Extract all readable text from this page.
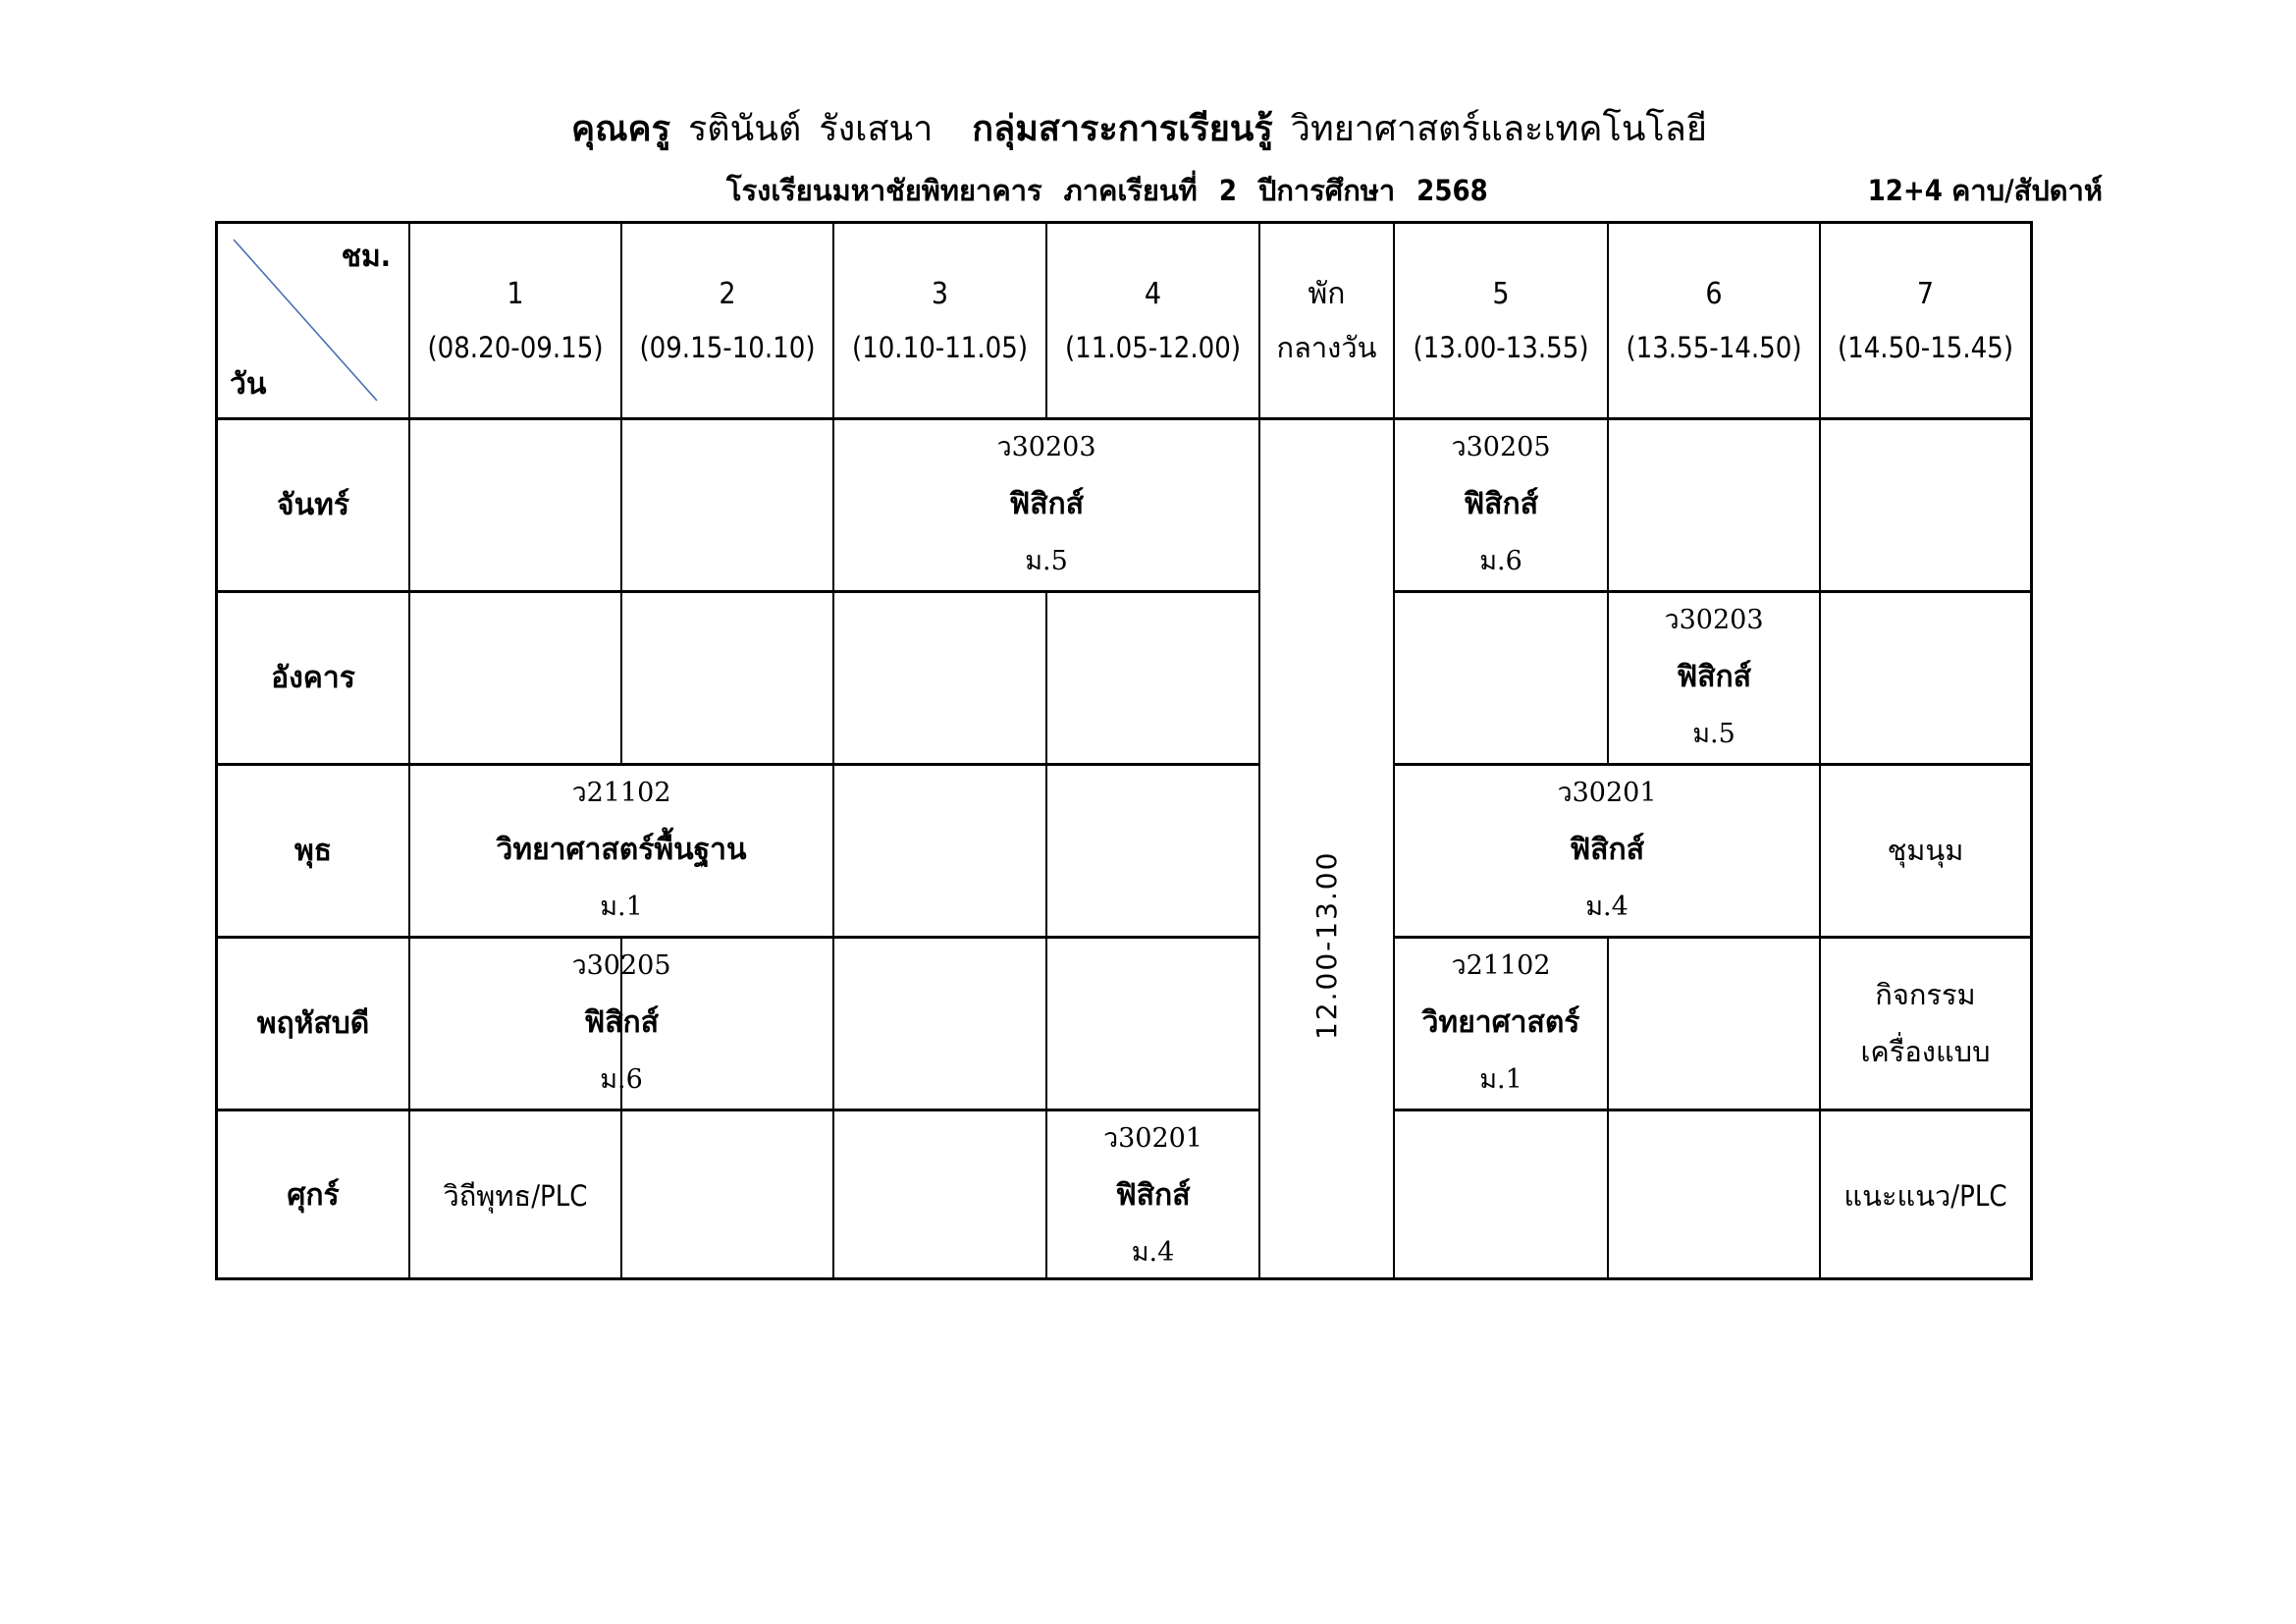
คุณครู รตินันต์ รังเสนา กลุ่มสาระการเรียนรู้ วิทยาศาสตร์และเทคโนโลยี
โรงเรียนมหาชัยพิทยาคาร ภาคเรียนที่ 2 ปีการศึกษา 2568	12+4 คาบ/สัปดาห์
ชม.
วัน
1
(08.20-09.15)
2
(09.15-10.10)
3
(10.10-11.05)
4
(11.05-12.00)
พัก
กลางวัน
5
(13.00-13.55)
6
(13.55-14.50)
7
(14.50-15.45)
จันทร์
อังคาร
พุธ
พฤหัสบดี
ศุกร์
12.00-13.00
ว30203
ฟิสิกส์
ม.5
ว30205
ฟิสิกส์
ม.6
ว30203
ฟิสิกส์
ม.5
ว21102
วิทยาศาสตร์พื้นฐาน
ม.1
ว30201
ฟิสิกส์
ม.4
ชุมนุม
ว30205
ฟิสิกส์
ม.6
ว21102
วิทยาศาสตร์
ม.1
กิจกรรม
เครื่องแบบ
วิถีพุทธ/PLC
ว30201
ฟิสิกส์
ม.4
แนะแนว/PLC
